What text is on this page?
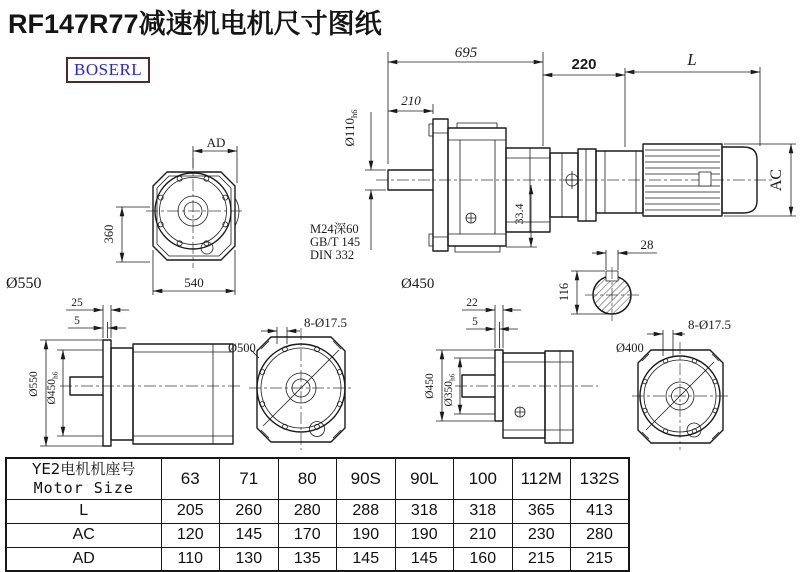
AD
360
540
Ø550
695
210
220	L
AC
$Ø110_{h6}$
M24深60
GB/T 145
DIN 332
33.4
Ø450
28
116
25
5
Ø550 $Ø450_{h6}$
8-Ø17.5
Ø500
22
5
Ø450 $Ø350_{h6}$
8-Ø17.5
Ø400
RF147R77减速机电机尺寸图纸
BOSERL
YE2电机机座号
Motor Size	63	71	80	90S	90L	100	112M	132S
L	205	260	280	288	318	318	365	413
AC	120	145	170	190	190	210	230	280
AD	110	130	135	145	145	160	215	215
